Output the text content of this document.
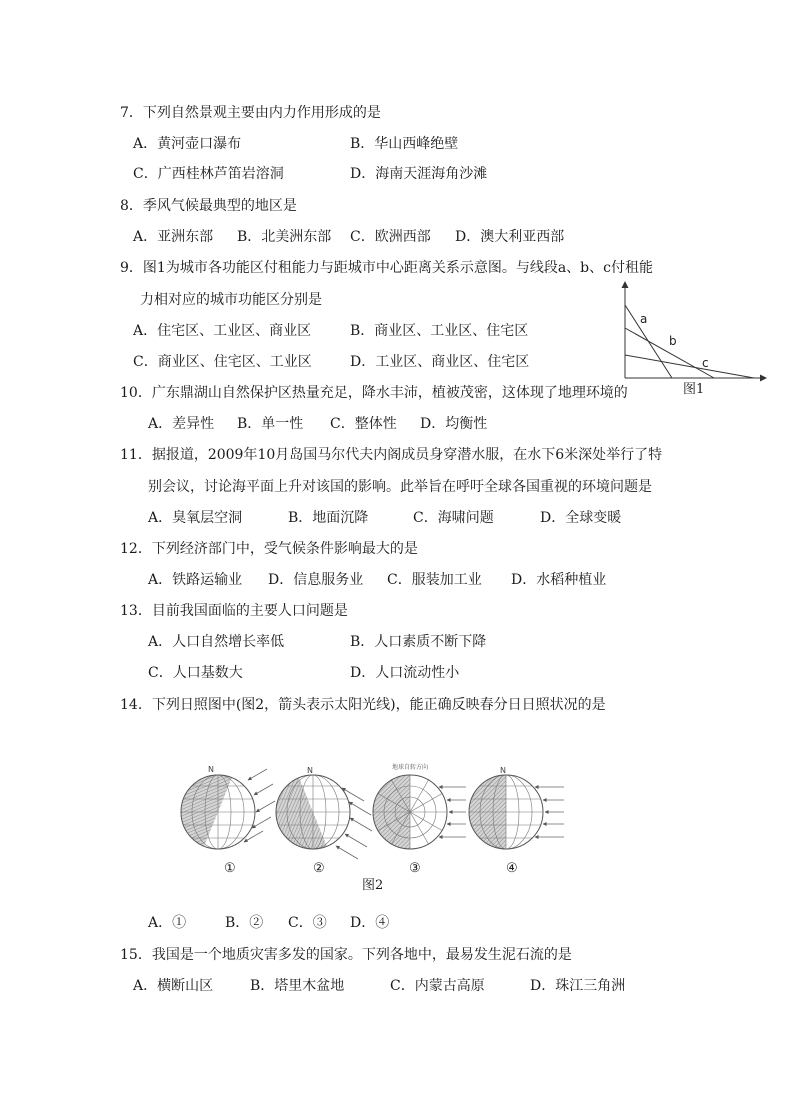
7．下列自然景观主要由内力作用形成的是
A．黄河壶口瀑布	B．华山西峰绝壁
C．广西桂林芦笛岩溶洞	D．海南天涯海角沙滩
8．季风气候最典型的地区是
A．亚洲东部 B．北美洲东部 C．欧洲西部 D．澳大利亚西部
9．图1为城市各功能区付租能力与距城市中心距离关系示意图。与线段a、b、c付租能
力相对应的城市功能区分别是
A．住宅区、工业区、商业区	B．商业区、工业区、住宅区
C．商业区、住宅区、工业区	D．工业区、商业区、住宅区
a
b
c
图1
10．广东鼎湖山自然保护区热量充足，降水丰沛，植被茂密，这体现了地理环境的
A．差异性 B．单一性 C．整体性 D．均衡性
11．据报道，2009年10月岛国马尔代夫内阁成员身穿潜水服，在水下6米深处举行了特
别会议，讨论海平面上升对该国的影响。此举旨在呼吁全球各国重视的环境问题是
A．臭氧层空洞	B．地面沉降	C．海啸问题	D．全球变暖
12．下列经济部门中，受气候条件影响最大的是
A．铁路运输业 D．信息服务业 C．服装加工业 D．水稻种植业
13．目前我国面临的主要人口问题是
A．人口自然增长率低	B．人口素质不断下降
C．人口基数大	D．人口流动性小
14．下列日照图中(图2，箭头表示太阳光线)，能正确反映春分日日照状况的是
N	N	地球自转方向	N
①	②	③	④
图2
A．①	B．② C．③ D．④
15．我国是一个地质灾害多发的国家。下列各地中，最易发生泥石流的是
A．横断山区	B．塔里木盆地	C．内蒙古高原	D．珠江三角洲
